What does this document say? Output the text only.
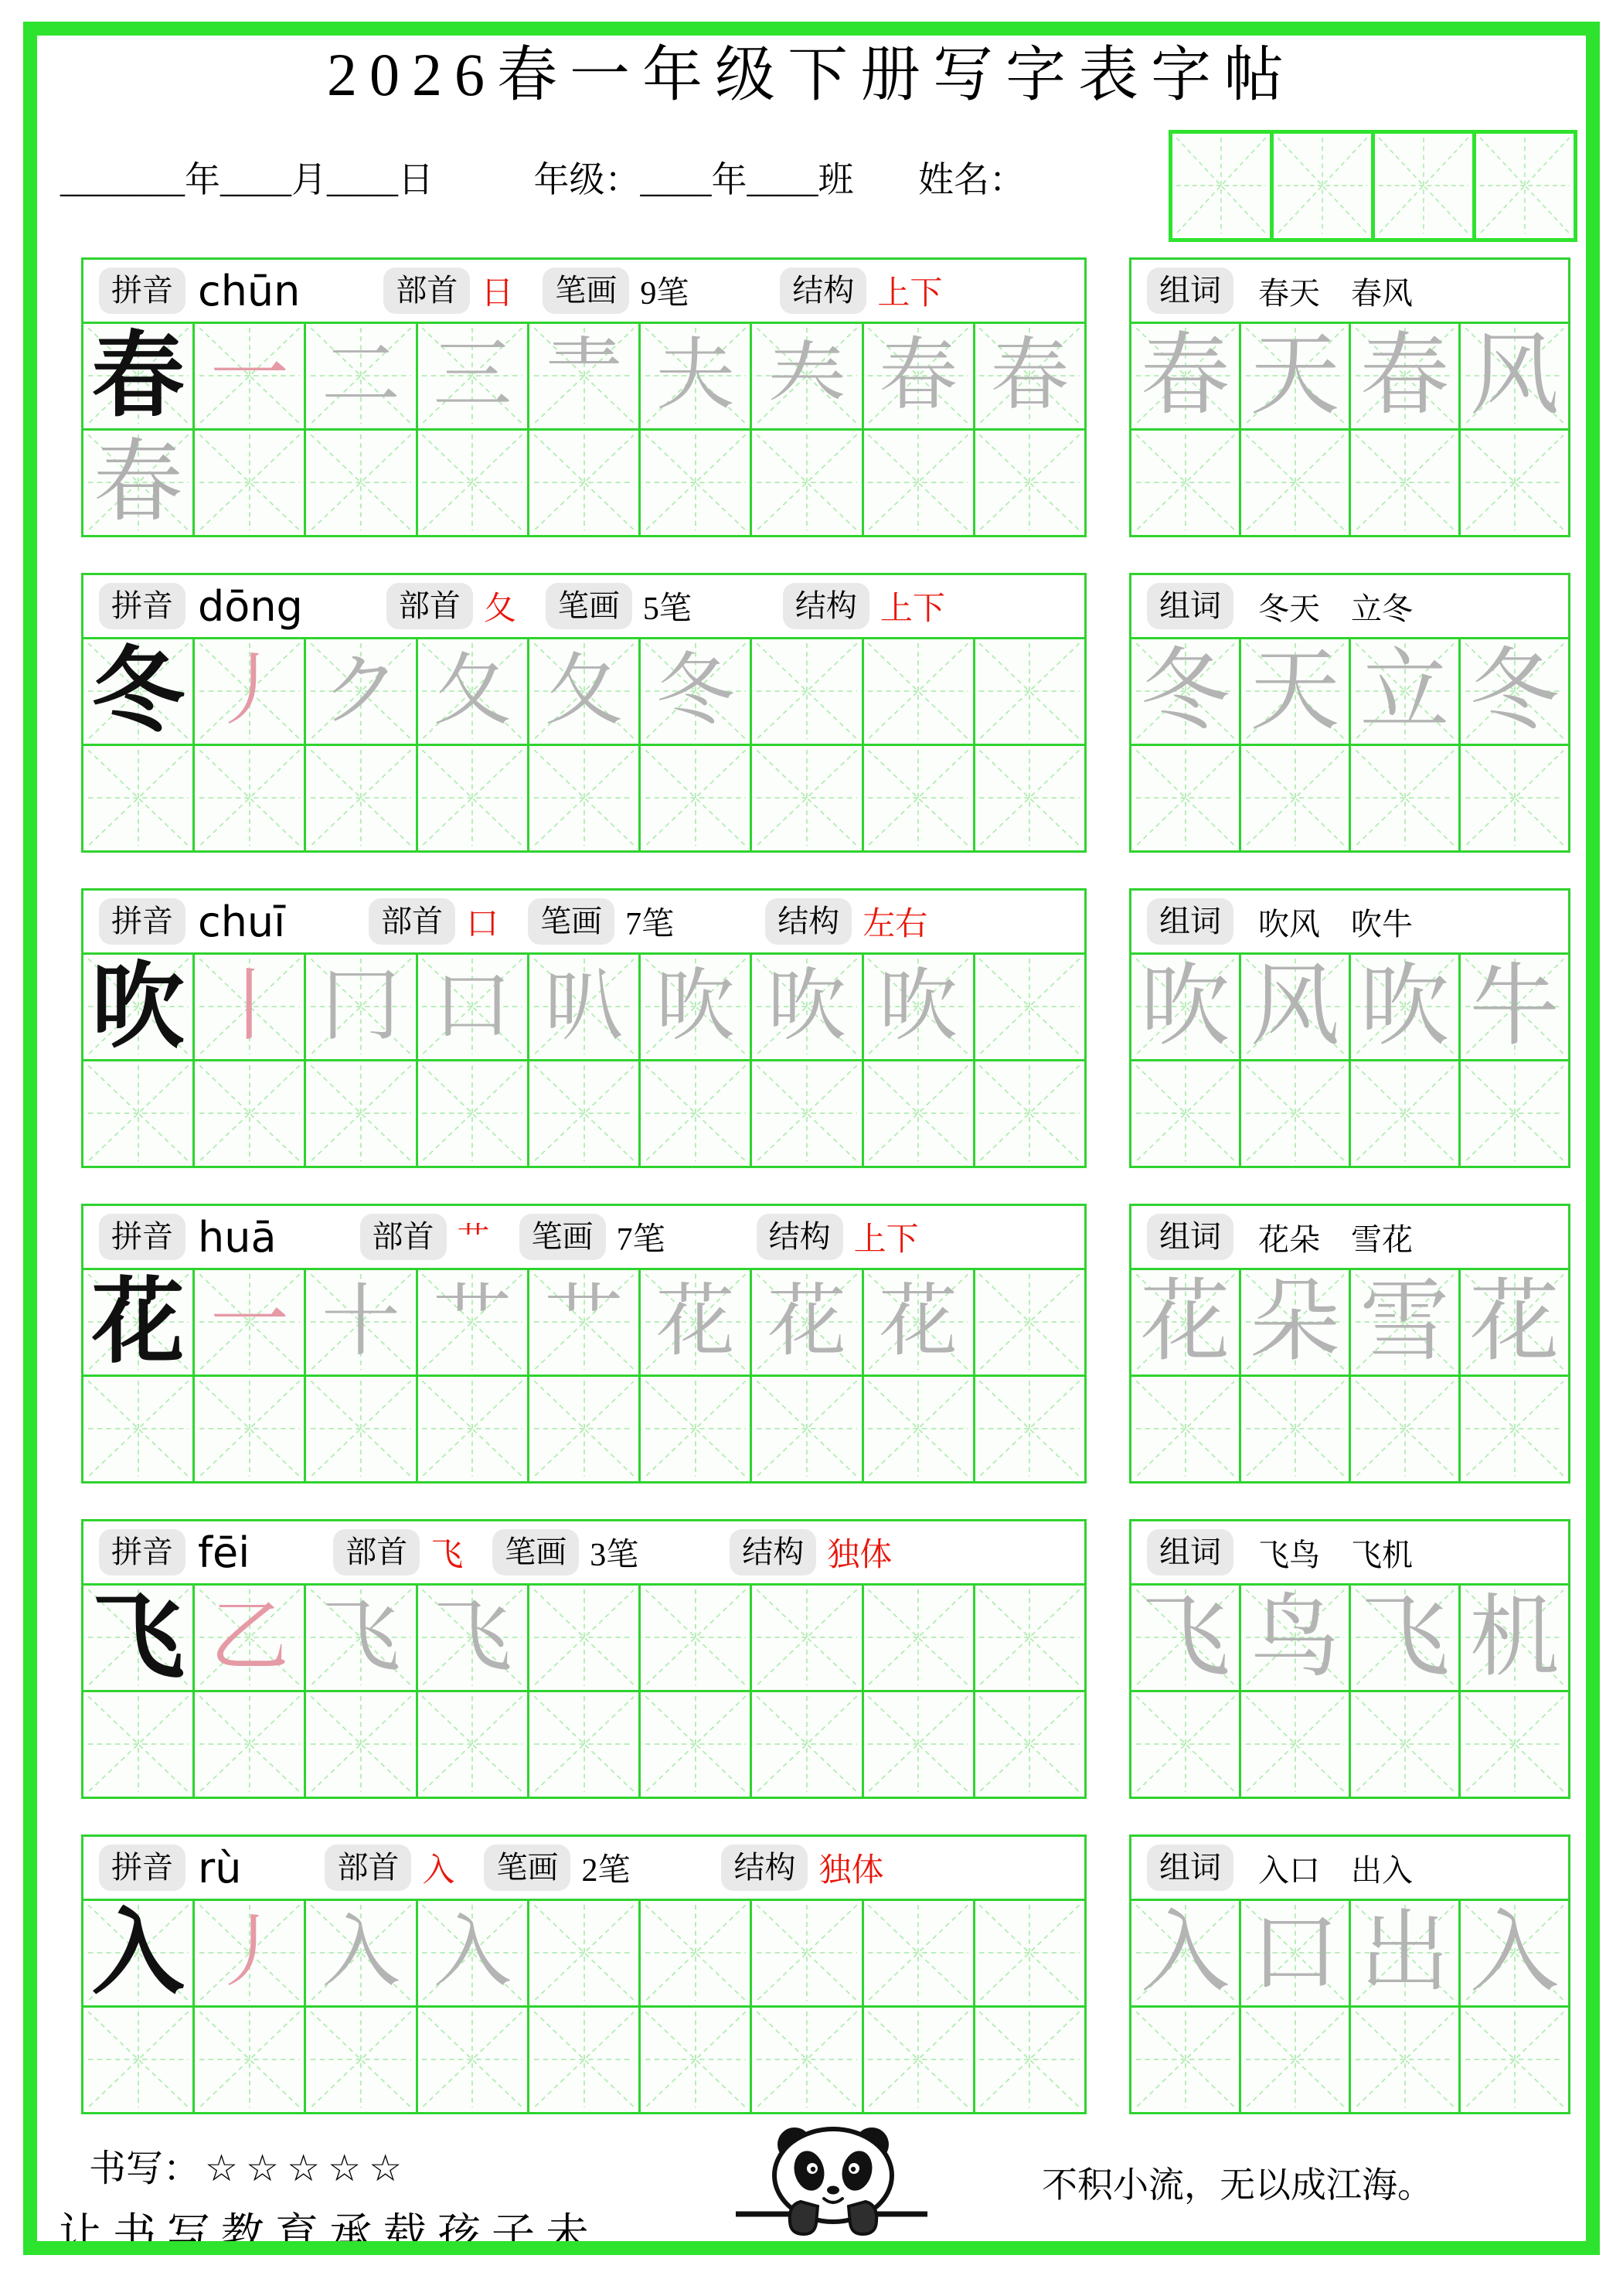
2026春一年级下册写字表字帖
_______年____月____日	年级：____年____班 姓名：
拼音 chūn	部首 日	笔画 9笔	结构 上下
春 一 二 三 龶 夫 𡗗 春 春
春
组词	春天　春风
春 天 春 风
拼音 dōng	部首 夂	笔画 5笔	结构 上下
冬 丿 ク 夂 夂 冬
组词	冬天　立冬
冬 天 立 冬
拼音 chuī	部首 口	笔画 7笔	结构 左右
吹 丨 冂 口 叭 吹 吹 吹
组词	吹风　吹牛
吹 风 吹 牛
拼音 huā	部首 艹	笔画 7笔	结构 上下
花 一 十 艹 艹 花 花 花
组词	花朵　雪花
花 朵 雪 花
拼音 fēi	部首 飞	笔画 3笔	结构 独体
飞 乙 飞 飞
组词	飞鸟　飞机
飞 鸟 飞 机
拼音 rù	部首 入	笔画 2笔	结构 独体
入 丿 入 入
组词	入口　出入
入 口 出 入
书写： ☆☆☆☆☆
让书写教育承载孩子未
不积小流，无以成江海。
